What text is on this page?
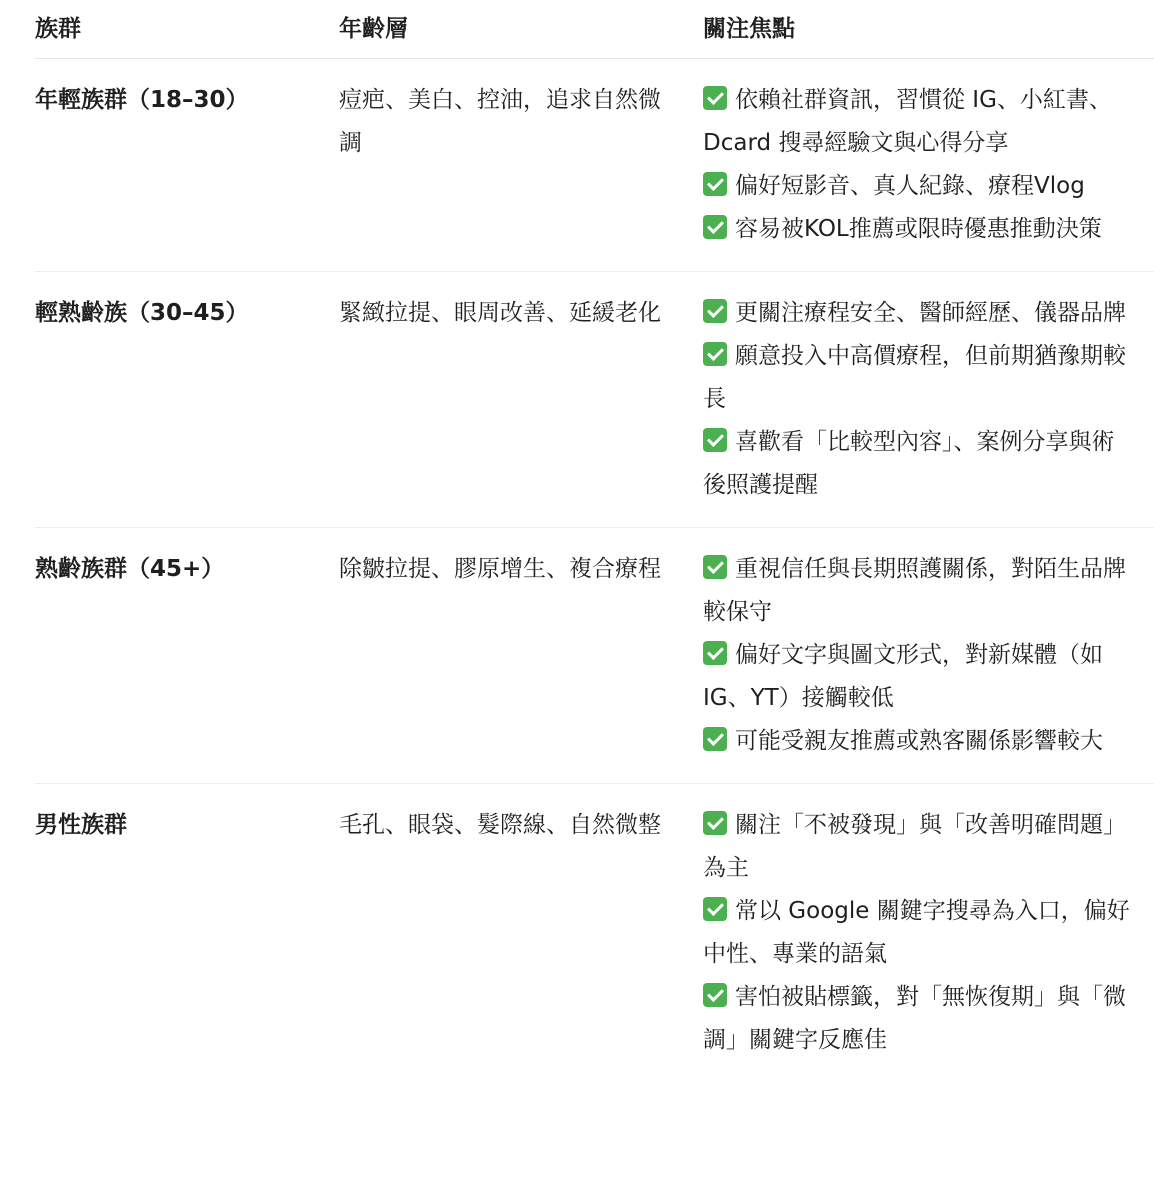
族群	年齡層	關注焦點
年輕族群（18–30）	痘疤、美白、控油，追求自然微調	依賴社群資訊，習慣從 IG、小紅書、Dcard 搜尋經驗文與心得分享
偏好短影音、真人紀錄、療程Vlog
容易被KOL推薦或限時優惠推動決策

輕熟齡族（30–45）	緊緻拉提、眼周改善、延緩老化	更關注療程安全、醫師經歷、儀器品牌
願意投入中高價療程，但前期猶豫期較長
喜歡看「比較型內容」、案例分享與術後照護提醒

熟齡族群（45+）	除皺拉提、膠原增生、複合療程	重視信任與長期照護關係，對陌生品牌較保守
偏好文字與圖文形式，對新媒體（如 IG、YT）接觸較低
可能受親友推薦或熟客關係影響較大

男性族群	毛孔、眼袋、髮際線、自然微整	關注「不被發現」與「改善明確問題」為主
常以 Google 關鍵字搜尋為入口，偏好中性、專業的語氣
害怕被貼標籤，對「無恢復期」與「微調」關鍵字反應佳
